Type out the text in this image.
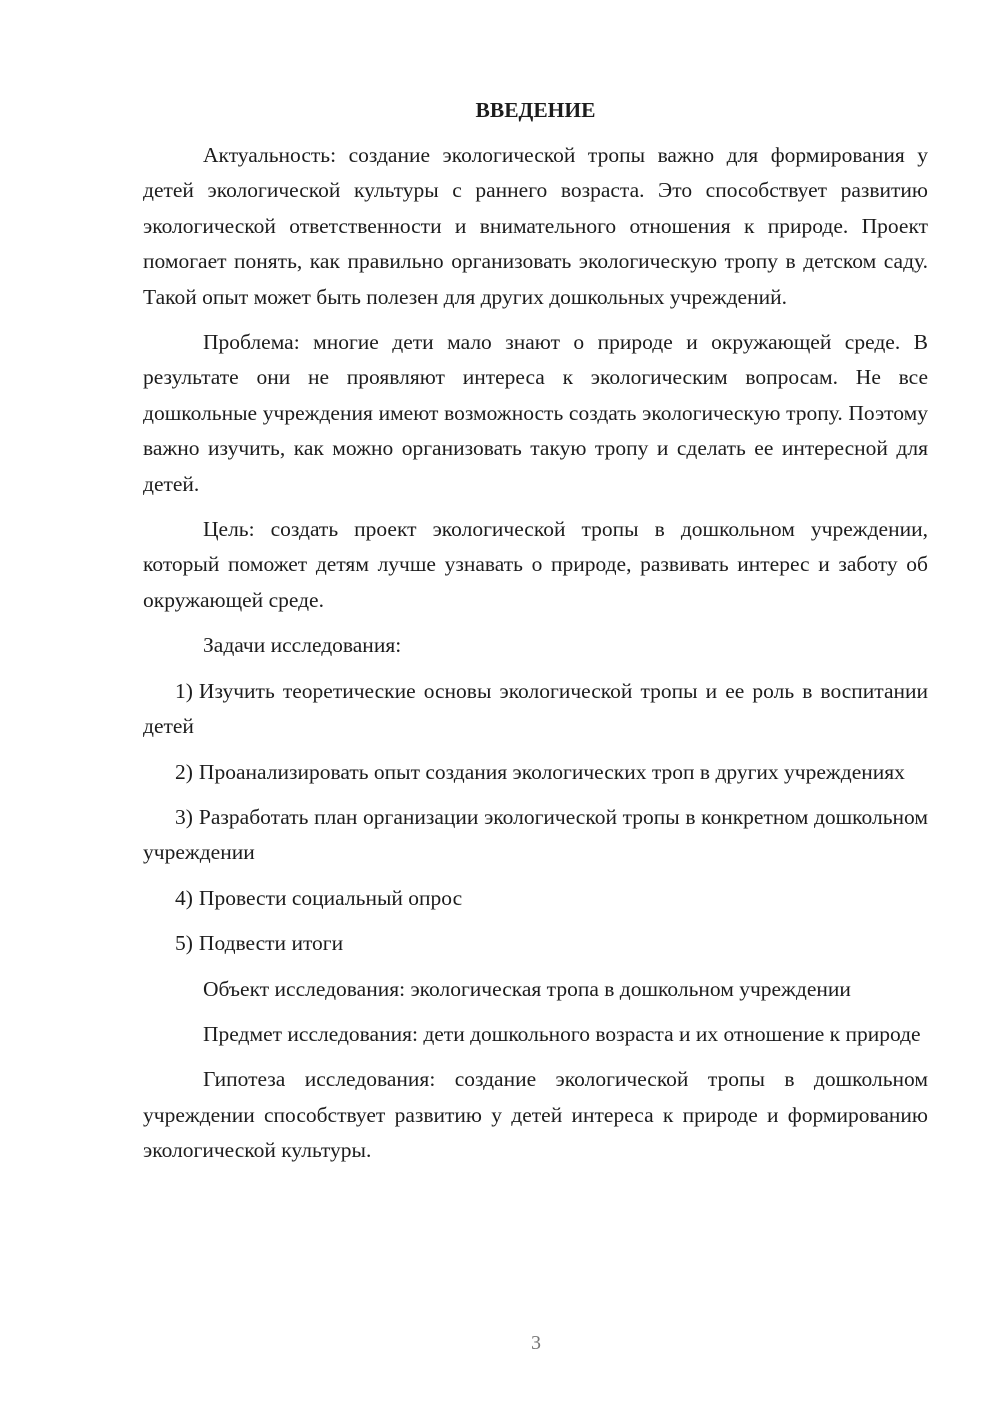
ВВЕДЕНИЕ

Актуальность: создание экологической тропы важно для формирования у детей экологической культуры с раннего возраста. Это способствует развитию экологической ответственности и внимательного отношения к природе. Проект помогает понять, как правильно организовать экологическую тропу в детском саду. Такой опыт может быть полезен для других дошкольных учреждений.

Проблема: многие дети мало знают о природе и окружающей среде. В результате они не проявляют интереса к экологическим вопросам. Не все дошкольные учреждения имеют возможность создать экологическую тропу. Поэтому важно изучить, как можно организовать такую тропу и сделать ее интересной для детей.

Цель: создать проект экологической тропы в дошкольном учреждении, который поможет детям лучше узнавать о природе, развивать интерес и заботу об окружающей среде.

Задачи исследования:

1) Изучить теоретические основы экологической тропы и ее роль в воспитании детей

2) Проанализировать опыт создания экологических троп в других учреждениях

3) Разработать план организации экологической тропы в конкретном дошкольном учреждении

4) Провести социальный опрос

5) Подвести итоги

Объект исследования: экологическая тропа в дошкольном учреждении

Предмет исследования: дети дошкольного возраста и их отношение к природе

Гипотеза исследования: создание экологической тропы в дошкольном учреждении способствует развитию у детей интереса к природе и формированию экологической культуры.

3
